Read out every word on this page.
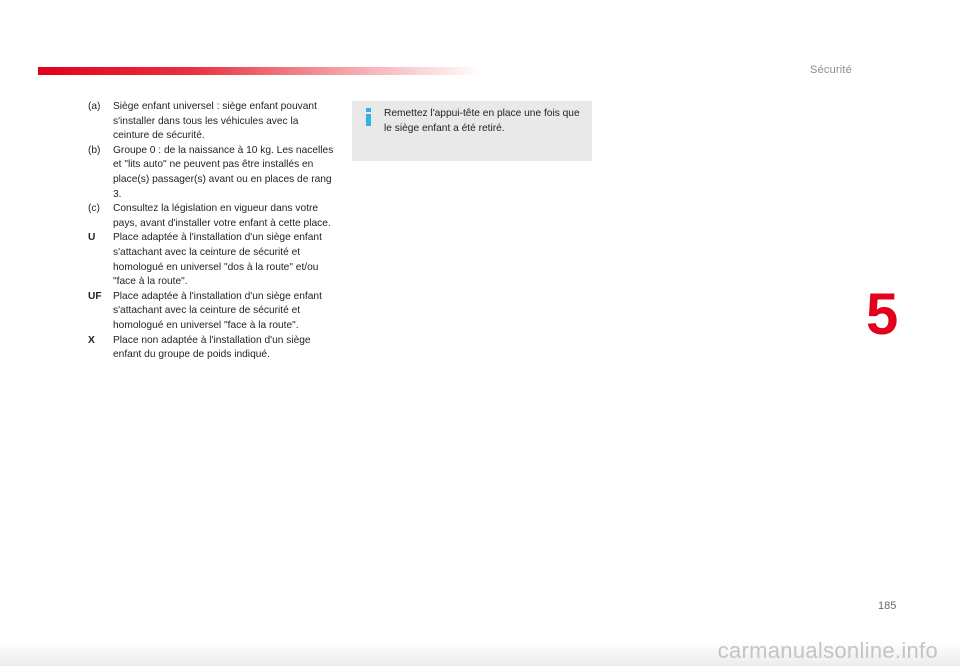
Sécurité
5
(a)	Siège enfant universel : siège enfant pouvant s'installer dans tous les véhicules avec la ceinture de sécurité.
(b)	Groupe 0 : de la naissance à 10 kg. Les nacelles et "lits auto" ne peuvent pas être installés en place(s) passager(s) avant ou en places de rang 3.
(c)	Consultez la législation en vigueur dans votre pays, avant d'installer votre enfant à cette place.
U	Place adaptée à l'installation d'un siège enfant s'attachant avec la ceinture de sécurité et homologué en universel "dos à la route" et/ou "face à la route".
UF	Place adaptée à l'installation d'un siège enfant s'attachant avec la ceinture de sécurité et homologué en universel "face à la route".
X	Place non adaptée à l'installation d'un siège enfant du groupe de poids indiqué.
Remettez l'appui-tête en place une fois que le siège enfant a été retiré.
185
carmanualsonline.info
